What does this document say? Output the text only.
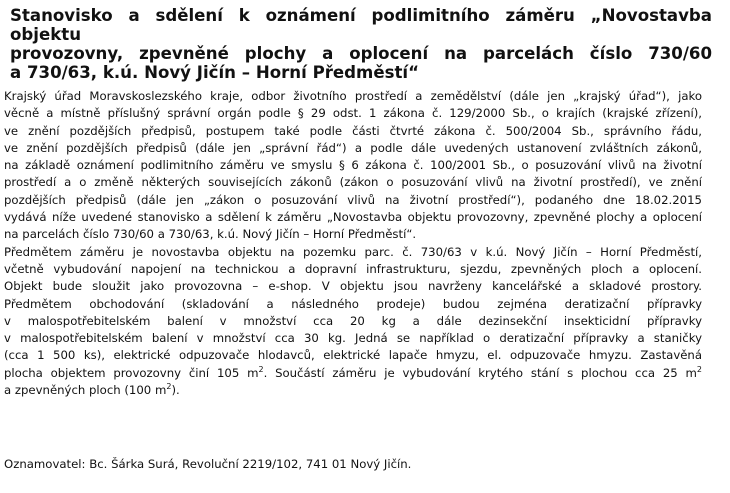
Stanovisko a sdělení k oznámení podlimitního záměru „Novostavba objektu
provozovny, zpevněné plochy a oplocení na parcelách číslo 730/60
a 730/63, k.ú. Nový Jičín – Horní Předměstí“
Krajský úřad Moravskoslezského kraje, odbor životního prostředí a zemědělství (dále jen „krajský úřad“), jako
věcně a místně příslušný správní orgán podle § 29 odst. 1 zákona č. 129/2000 Sb., o krajích (krajské zřízení),
ve znění pozdějších předpisů, postupem také podle části čtvrté zákona č. 500/2004 Sb., správního řádu,
ve znění pozdějších předpisů (dále jen „správní řád“) a podle dále uvedených ustanovení zvláštních zákonů,
na základě oznámení podlimitního záměru ve smyslu § 6 zákona č. 100/2001 Sb., o posuzování vlivů na životní
prostředí a o změně některých souvisejících zákonů (zákon o posuzování vlivů na životní prostředí), ve znění
pozdějších předpisů (dále jen „zákon o posuzování vlivů na životní prostředí“), podaného dne 18.02.2015
vydává níže uvedené stanovisko a sdělení k záměru „Novostavba objektu provozovny, zpevněné plochy a oplocení
na parcelách číslo 730/60 a 730/63, k.ú. Nový Jičín – Horní Předměstí“.
Předmětem záměru je novostavba objektu na pozemku parc. č. 730/63 v k.ú. Nový Jičín – Horní Předměstí,
včetně vybudování napojení na technickou a dopravní infrastrukturu, sjezdu, zpevněných ploch a oplocení.
Objekt bude sloužit jako provozovna – e-shop. V objektu jsou navrženy kancelářské a skladové prostory.
Předmětem obchodování (skladování a následného prodeje) budou zejména deratizační přípravky
v malospotřebitelském balení v množství cca 20 kg a dále dezinsekční insekticidní přípravky
v malospotřebitelském balení v množství cca 30 kg. Jedná se například o deratizační přípravky a staničky
(cca 1 500 ks), elektrické odpuzovače hlodavců, elektrické lapače hmyzu, el. odpuzovače hmyzu. Zastavěná
plocha objektem provozovny činí 105 $m^2$. Součástí záměru je vybudování krytého stání s plochou cca 25 $m^2$
a zpevněných ploch (100 $m^2$).
Oznamovatel: Bc. Šárka Surá, Revoluční 2219/102, 741 01 Nový Jičín.
